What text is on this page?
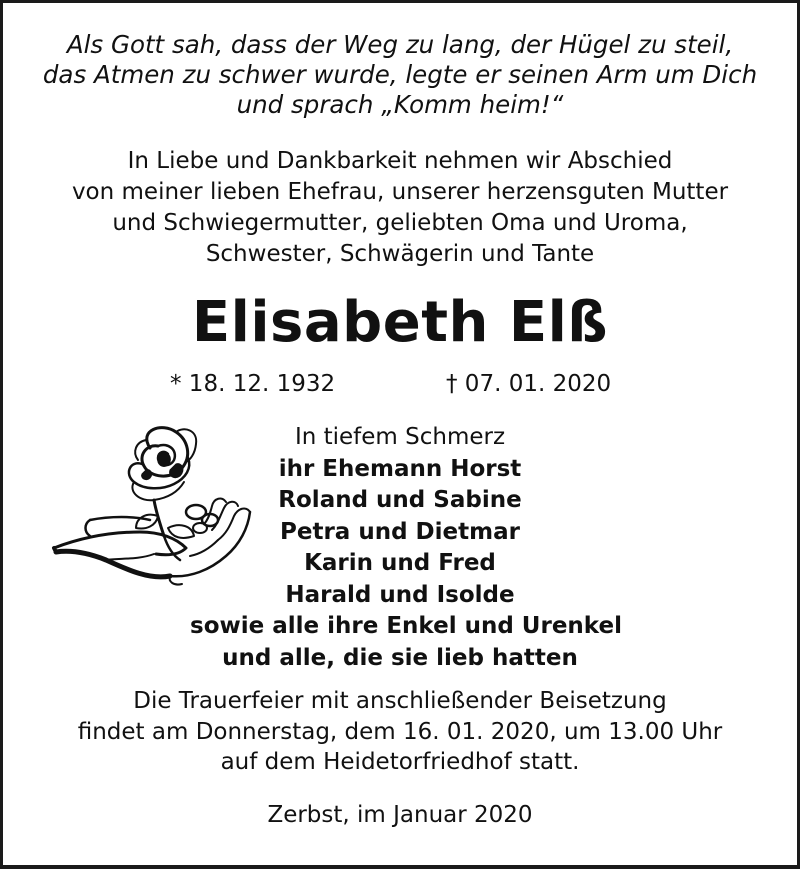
Als Gott sah, dass der Weg zu lang, der Hügel zu steil,
das Atmen zu schwer wurde, legte er seinen Arm um Dich
und sprach „Komm heim!“
In Liebe und Dankbarkeit nehmen wir Abschied
von meiner lieben Ehefrau, unserer herzensguten Mutter
und Schwiegermutter, geliebten Oma und Uroma,
Schwester, Schwägerin und Tante
Elisabeth Elß
* 18. 12. 1932	† 07. 01. 2020
In tiefem Schmerz
ihr Ehemann Horst
Roland und Sabine
Petra und Dietmar
Karin und Fred
Harald und Isolde
sowie alle ihre Enkel und Urenkel
und alle, die sie lieb hatten
Die Trauerfeier mit anschließender Beisetzung
findet am Donnerstag, dem 16. 01. 2020, um 13.00 Uhr
auf dem Heidetorfriedhof statt.
Zerbst, im Januar 2020
